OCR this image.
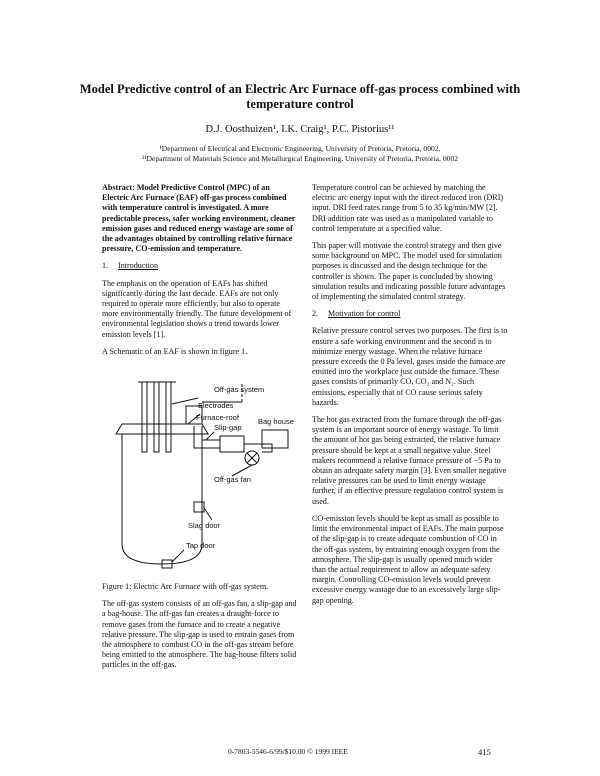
Model Predictive control of an Electric Arc Furnace off-gas process combined with temperature control
D.J. Oosthuizen¹, I.K. Craig¹, P.C. Pistorius¹¹
¹Department of Electrical and Electronic Engineering, University of Pretoria, Pretoria, 0002.
¹¹Department of Materials Science and Metallurgical Engineering, University of Pretoria, Pretoria, 0002

Abstract: Model Predictive Control (MPC) of an Electric Arc Furnace (EAF) off-gas process combined with temperature control is investigated. A more predictable process, safer working environment, cleaner emission gases and reduced energy wastage are some of the advantages obtained by controlling relative furnace pressure, CO-emission and temperature.

1. Introduction

The emphasis on the operation of EAFs has shifted significantly during the last decade. EAFs are not only required to operate more efficiently, but also to operate more environmentally friendly. The future development of environmental legislation shows a trend towards lower emission levels [1].

A Schematic of an EAF is shown in figure 1.

Off-gas system
Electrodes
Furnace-roof	Bag house
Slip-gap
Off-gas fan
Slag door
Tap door

Figure 1: Electric Arc Furnace with off-gas system.

The off-gas system consists of an off-gas fan, a slip-gap and a bag-house. The off-gas fan creates a draught-force to remove gases from the furnace and to create a negative relative pressure. The slip-gap is used to entrain gases from the atmosphere to combust CO in the off-gas stream before being emitted to the atmosphere. The bag-house filters solid particles in the off-gas.

Temperature control can be achieved by matching the electric arc energy input with the direct reduced iron (DRI) input. DRI feed rates range from 5 to 35 kg/min/MW [2]. DRI addition rate was used as a manipulated variable to control temperature at a specified value.

This paper will motivate the control strategy and then give some background on MPC. The model used for simulation purposes is discussed and the design technique for the controller is shown. The paper is concluded by showing simulation results and indicating possible future advantages of implementing the simulated control strategy.

2. Motivation for control

Relative pressure control serves two purposes. The first is to ensure a safe working environment and the second is to minimize energy wastage. When the relative furnace pressure exceeds the 0 Pa level, gases inside the furnace are emitted into the workplace just outside the furnace. These gases consists of primarily CO, CO₂ and N₂. Such emissions, especially that of CO cause serious safety hazards.

The hot gas extracted from the furnace through the off-gas system is an important source of energy wastage. To limit the amount of hot gas being extracted, the relative furnace pressure should be kept at a small negative value. Steel makers recommend a relative furnace pressure of −5 Pa to obtain an adequate safety margin [3]. Even smaller negative relative pressures can be used to limit energy wastage further, if an effective pressure regulation control system is used.

CO-emission levels should be kept as small as possible to limit the environmental impact of EAFs. The main purpose of the slip-gap is to create adequate combustion of CO in the off-gas system, by entraining enough oxygen from the atmosphere. The slip-gap is usually opened much wider than the actual requirement to allow an adequate safety margin. Controlling CO-emission levels would prevent excessive energy wastage due to an excessively large slip-gap opening.

0-7803-5546-6/99/$10.00 © 1999 IEEE	415
